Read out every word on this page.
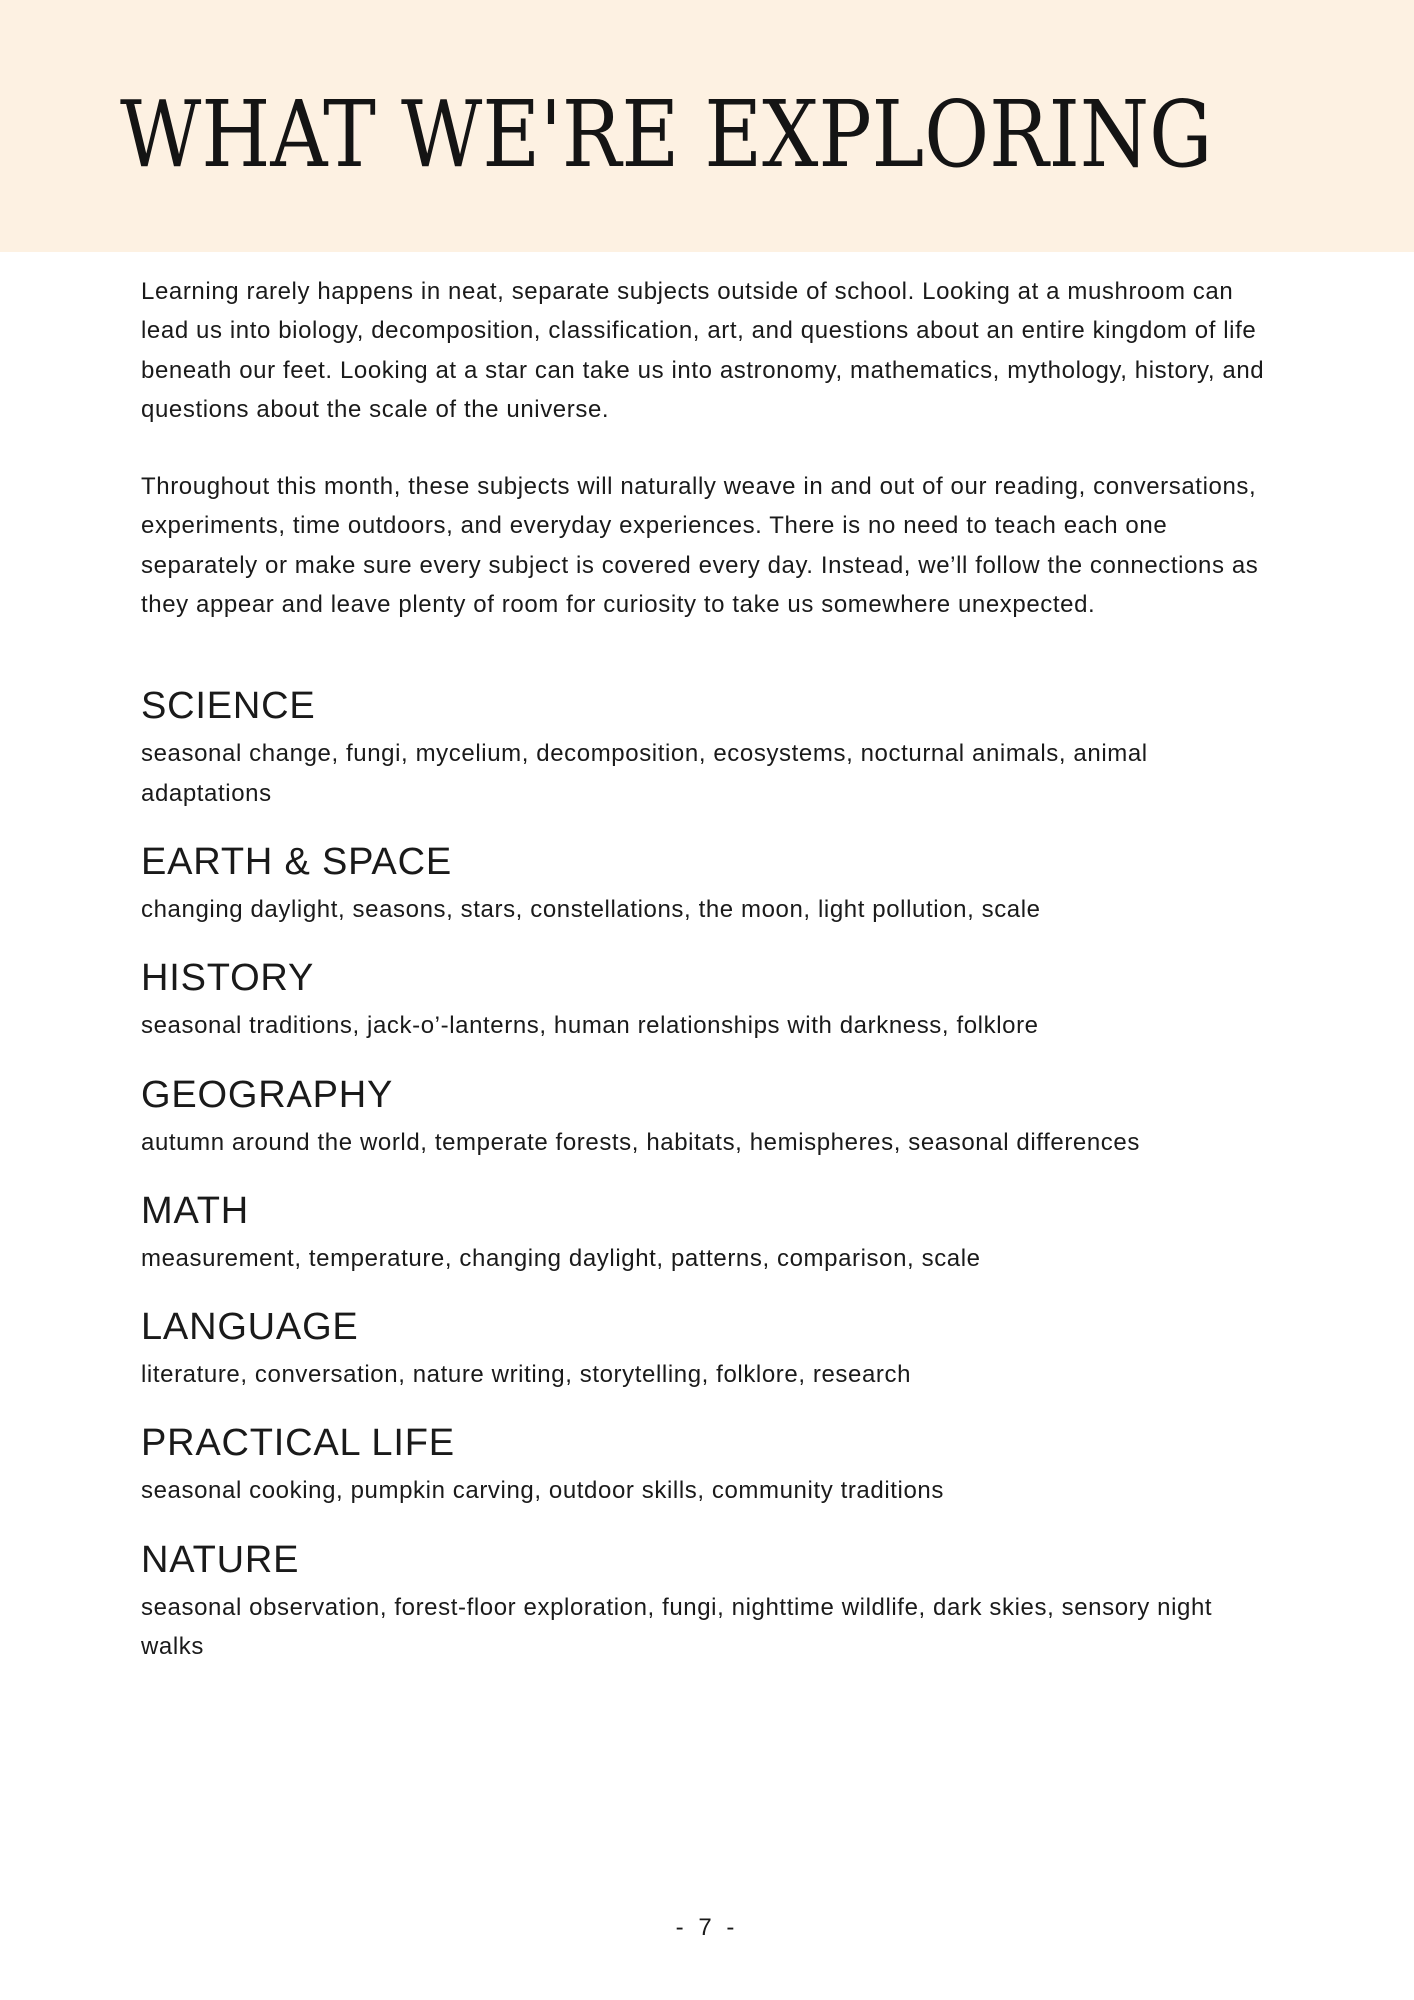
WHAT WE'RE EXPLORING

Learning rarely happens in neat, separate subjects outside of school. Looking at a mushroom can lead us into biology, decomposition, classification, art, and questions about an entire kingdom of life beneath our feet. Looking at a star can take us into astronomy, mathematics, mythology, history, and questions about the scale of the universe.

Throughout this month, these subjects will naturally weave in and out of our reading, conversations, experiments, time outdoors, and everyday experiences. There is no need to teach each one separately or make sure every subject is covered every day. Instead, we’ll follow the connections as they appear and leave plenty of room for curiosity to take us somewhere unexpected.

SCIENCE

seasonal change, fungi, mycelium, decomposition, ecosystems, nocturnal animals, animal adaptations

EARTH & SPACE

changing daylight, seasons, stars, constellations, the moon, light pollution, scale

HISTORY

seasonal traditions, jack-o’-lanterns, human relationships with darkness, folklore

GEOGRAPHY

autumn around the world, temperate forests, habitats, hemispheres, seasonal differences

MATH

measurement, temperature, changing daylight, patterns, comparison, scale

LANGUAGE

literature, conversation, nature writing, storytelling, folklore, research

PRACTICAL LIFE

seasonal cooking, pumpkin carving, outdoor skills, community traditions

NATURE

seasonal observation, forest-floor exploration, fungi, nighttime wildlife, dark skies, sensory night walks

- 7 -
